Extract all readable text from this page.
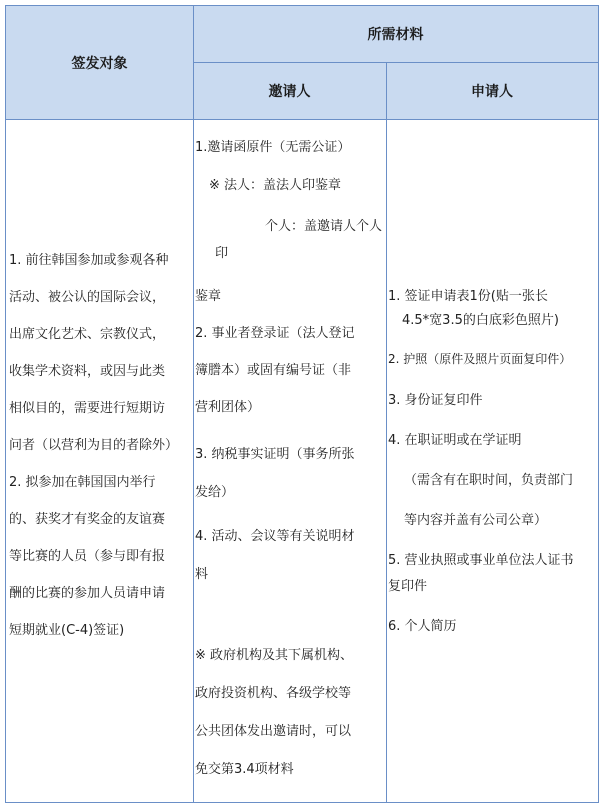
签发对象
所需材料
邀请人	申请人
1. 前往韩国参加或参观各种
活动、被公认的国际会议，
出席文化艺术、宗教仪式，
收集学术资料，或因与此类
相似目的，需要进行短期访
问者（以营利为目的者除外）
2. 拟参加在韩国国内举行
的、获奖才有奖金的友谊赛
等比赛的人员（参与即有报
酬的比赛的参加人员请申请
短期就业(C-4)签证)
1.邀请函原件（无需公证）
※ 法人：盖法人印鉴章
个人：盖邀请人个人
印
鉴章
2. 事业者登录证（法人登记
簿謄本）或固有编号证（非
营利团体）
3. 纳税事实证明（事务所张
发给）
4. 活动、会议等有关说明材
料
※ 政府机构及其下属机构、
政府投资机构、各级学校等
公共团体发出邀请时，可以
免交第3.4项材料
1. 签证申请表1份(贴一张长
4.5*宽3.5的白底彩色照片)
2. 护照（原件及照片页面复印件）
3. 身份证复印件
4. 在职证明或在学证明
（需含有在职时间，负责部门
等内容并盖有公司公章）
5. 营业执照或事业单位法人证书
复印件
6. 个人简历
